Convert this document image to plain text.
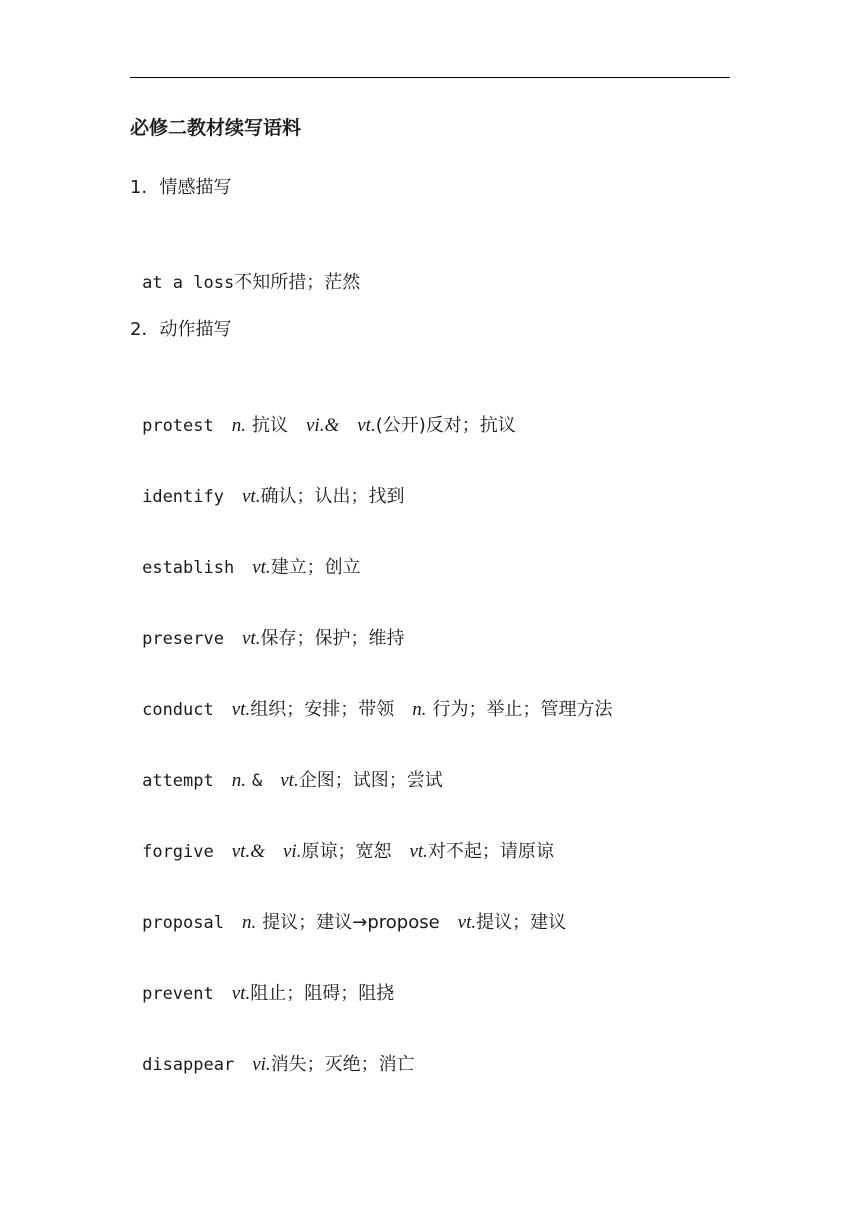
必修二教材续写语料
1．情感描写

at a loss不知所措；茫然

2．动作描写

protest n. 抗议 vi.& vt.(公开)反对；抗议

identify vt.确认；认出；找到

establish vt.建立；创立

preserve vt.保存；保护；维持

conduct vt.组织；安排；带领 n. 行为；举止；管理方法

attempt n. & vt.企图；试图；尝试

forgive vt.& vi.原谅；宽恕 vt.对不起；请原谅

proposal n. 提议；建议→propose vt.提议；建议

prevent vt.阻止；阻碍；阻挠

disappear vi.消失；灭绝；消亡
